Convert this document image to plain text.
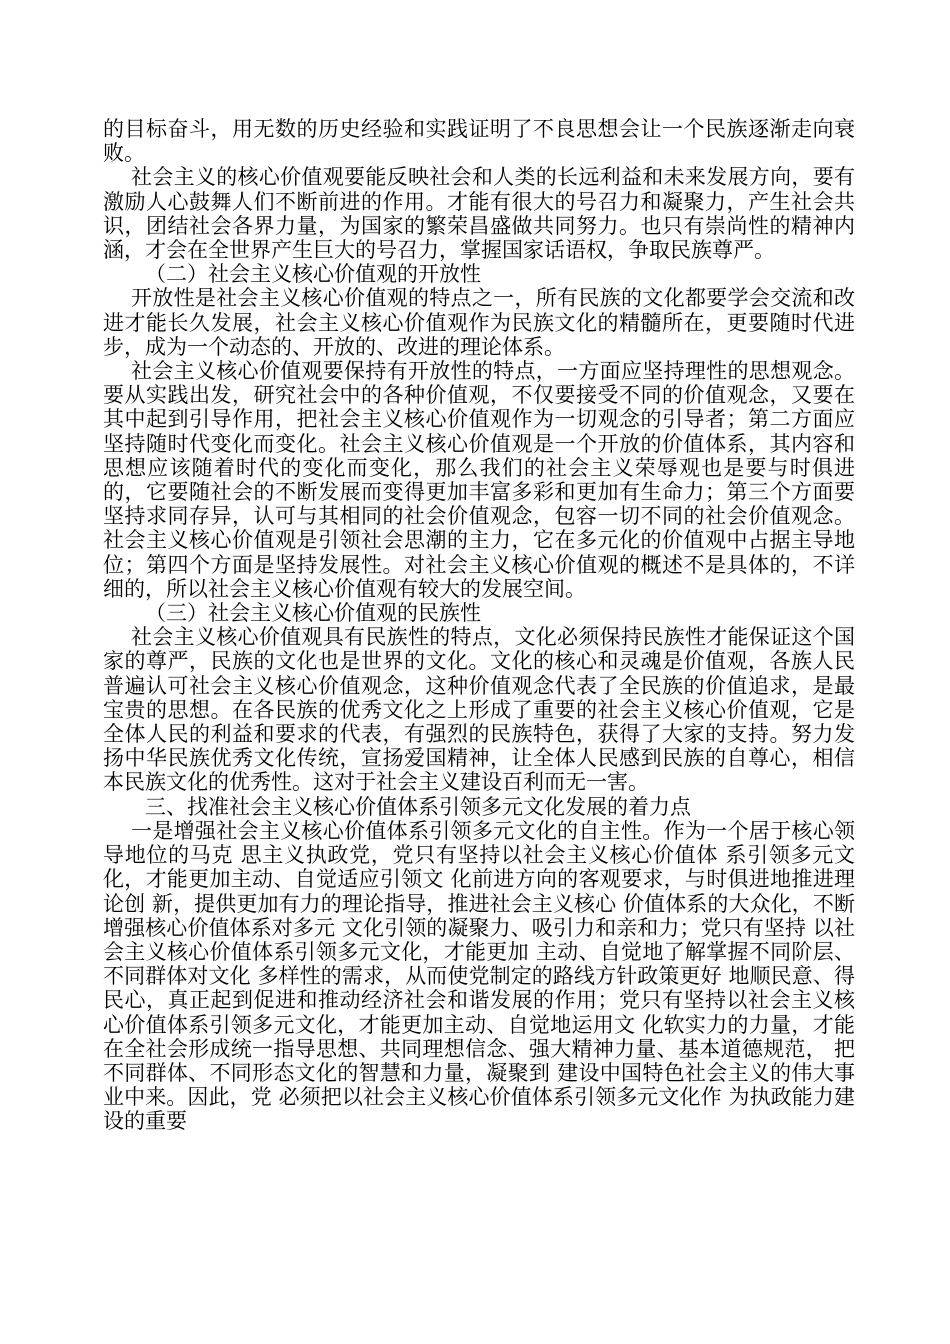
的目标奋斗，用无数的历史经验和实践证明了不良思想会让一个民族逐渐走向衰败。

社会主义的核心价值观要能反映社会和人类的长远利益和未来发展方向，要有激励人心鼓舞人们不断前进的作用。才能有很大的号召力和凝聚力，产生社会共识，团结社会各界力量，为国家的繁荣昌盛做共同努力。也只有崇尚性的精神内涵，才会在全世界产生巨大的号召力，掌握国家话语权，争取民族尊严。

（二）社会主义核心价值观的开放性

开放性是社会主义核心价值观的特点之一，所有民族的文化都要学会交流和改进才能长久发展，社会主义核心价值观作为民族文化的精髓所在，更要随时代进步，成为一个动态的、开放的、改进的理论体系。

社会主义核心价值观要保持有开放性的特点，一方面应坚持理性的思想观念。要从实践出发，研究社会中的各种价值观，不仅要接受不同的价值观念，又要在其中起到引导作用，把社会主义核心价值观作为一切观念的引导者；第二方面应坚持随时代变化而变化。社会主义核心价值观是一个开放的价值体系，其内容和思想应该随着时代的变化而变化，那么我们的社会主义荣辱观也是要与时俱进的，它要随社会的不断发展而变得更加丰富多彩和更加有生命力；第三个方面要坚持求同存异，认可与其相同的社会价值观念，包容一切不同的社会价值观念。社会主义核心价值观是引领社会思潮的主力，它在多元化的价值观中占据主导地位；第四个方面是坚持发展性。对社会主义核心价值观的概述不是具体的，不详细的，所以社会主义核心价值观有较大的发展空间。

（三）社会主义核心价值观的民族性

社会主义核心价值观具有民族性的特点，文化必须保持民族性才能保证这个国家的尊严，民族的文化也是世界的文化。文化的核心和灵魂是价值观，各族人民普遍认可社会主义核心价值观念，这种价值观念代表了全民族的价值追求，是最宝贵的思想。在各民族的优秀文化之上形成了重要的社会主义核心价值观，它是全体人民的利益和要求的代表，有强烈的民族特色，获得了大家的支持。努力发扬中华民族优秀文化传统，宣扬爱国精神，让全体人民感到民族的自尊心，相信本民族文化的优秀性。这对于社会主义建设百利而无一害。

三、找准社会主义核心价值体系引领多元文化发展的着力点

一是增强社会主义核心价值体系引领多元文化的自主性。作为一个居于核心领导地位的马克 思主义执政党，党只有坚持以社会主义核心价值体 系引领多元文化，才能更加主动、自觉适应引领文 化前进方向的客观要求，与时俱进地推进理论创 新，提供更加有力的理论指导，推进社会主义核心 价值体系的大众化，不断增强核心价值体系对多元 文化引领的凝聚力、吸引力和亲和力；党只有坚持 以社会主义核心价值体系引领多元文化，才能更加 主动、自觉地了解掌握不同阶层、不同群体对文化 多样性的需求，从而使党制定的路线方针政策更好 地顺民意、得民心，真正起到促进和推动经济社会和谐发展的作用；党只有坚持以社会主义核心价值体系引领多元文化，才能更加主动、自觉地运用文 化软实力的力量，才能在全社会形成统一指导思想、共同理想信念、强大精神力量、基本道德规范， 把不同群体、不同形态文化的智慧和力量，凝聚到 建设中国特色社会主义的伟大事业中来。因此，党 必须把以社会主义核心价值体系引领多元文化作 为执政能力建设的重要
